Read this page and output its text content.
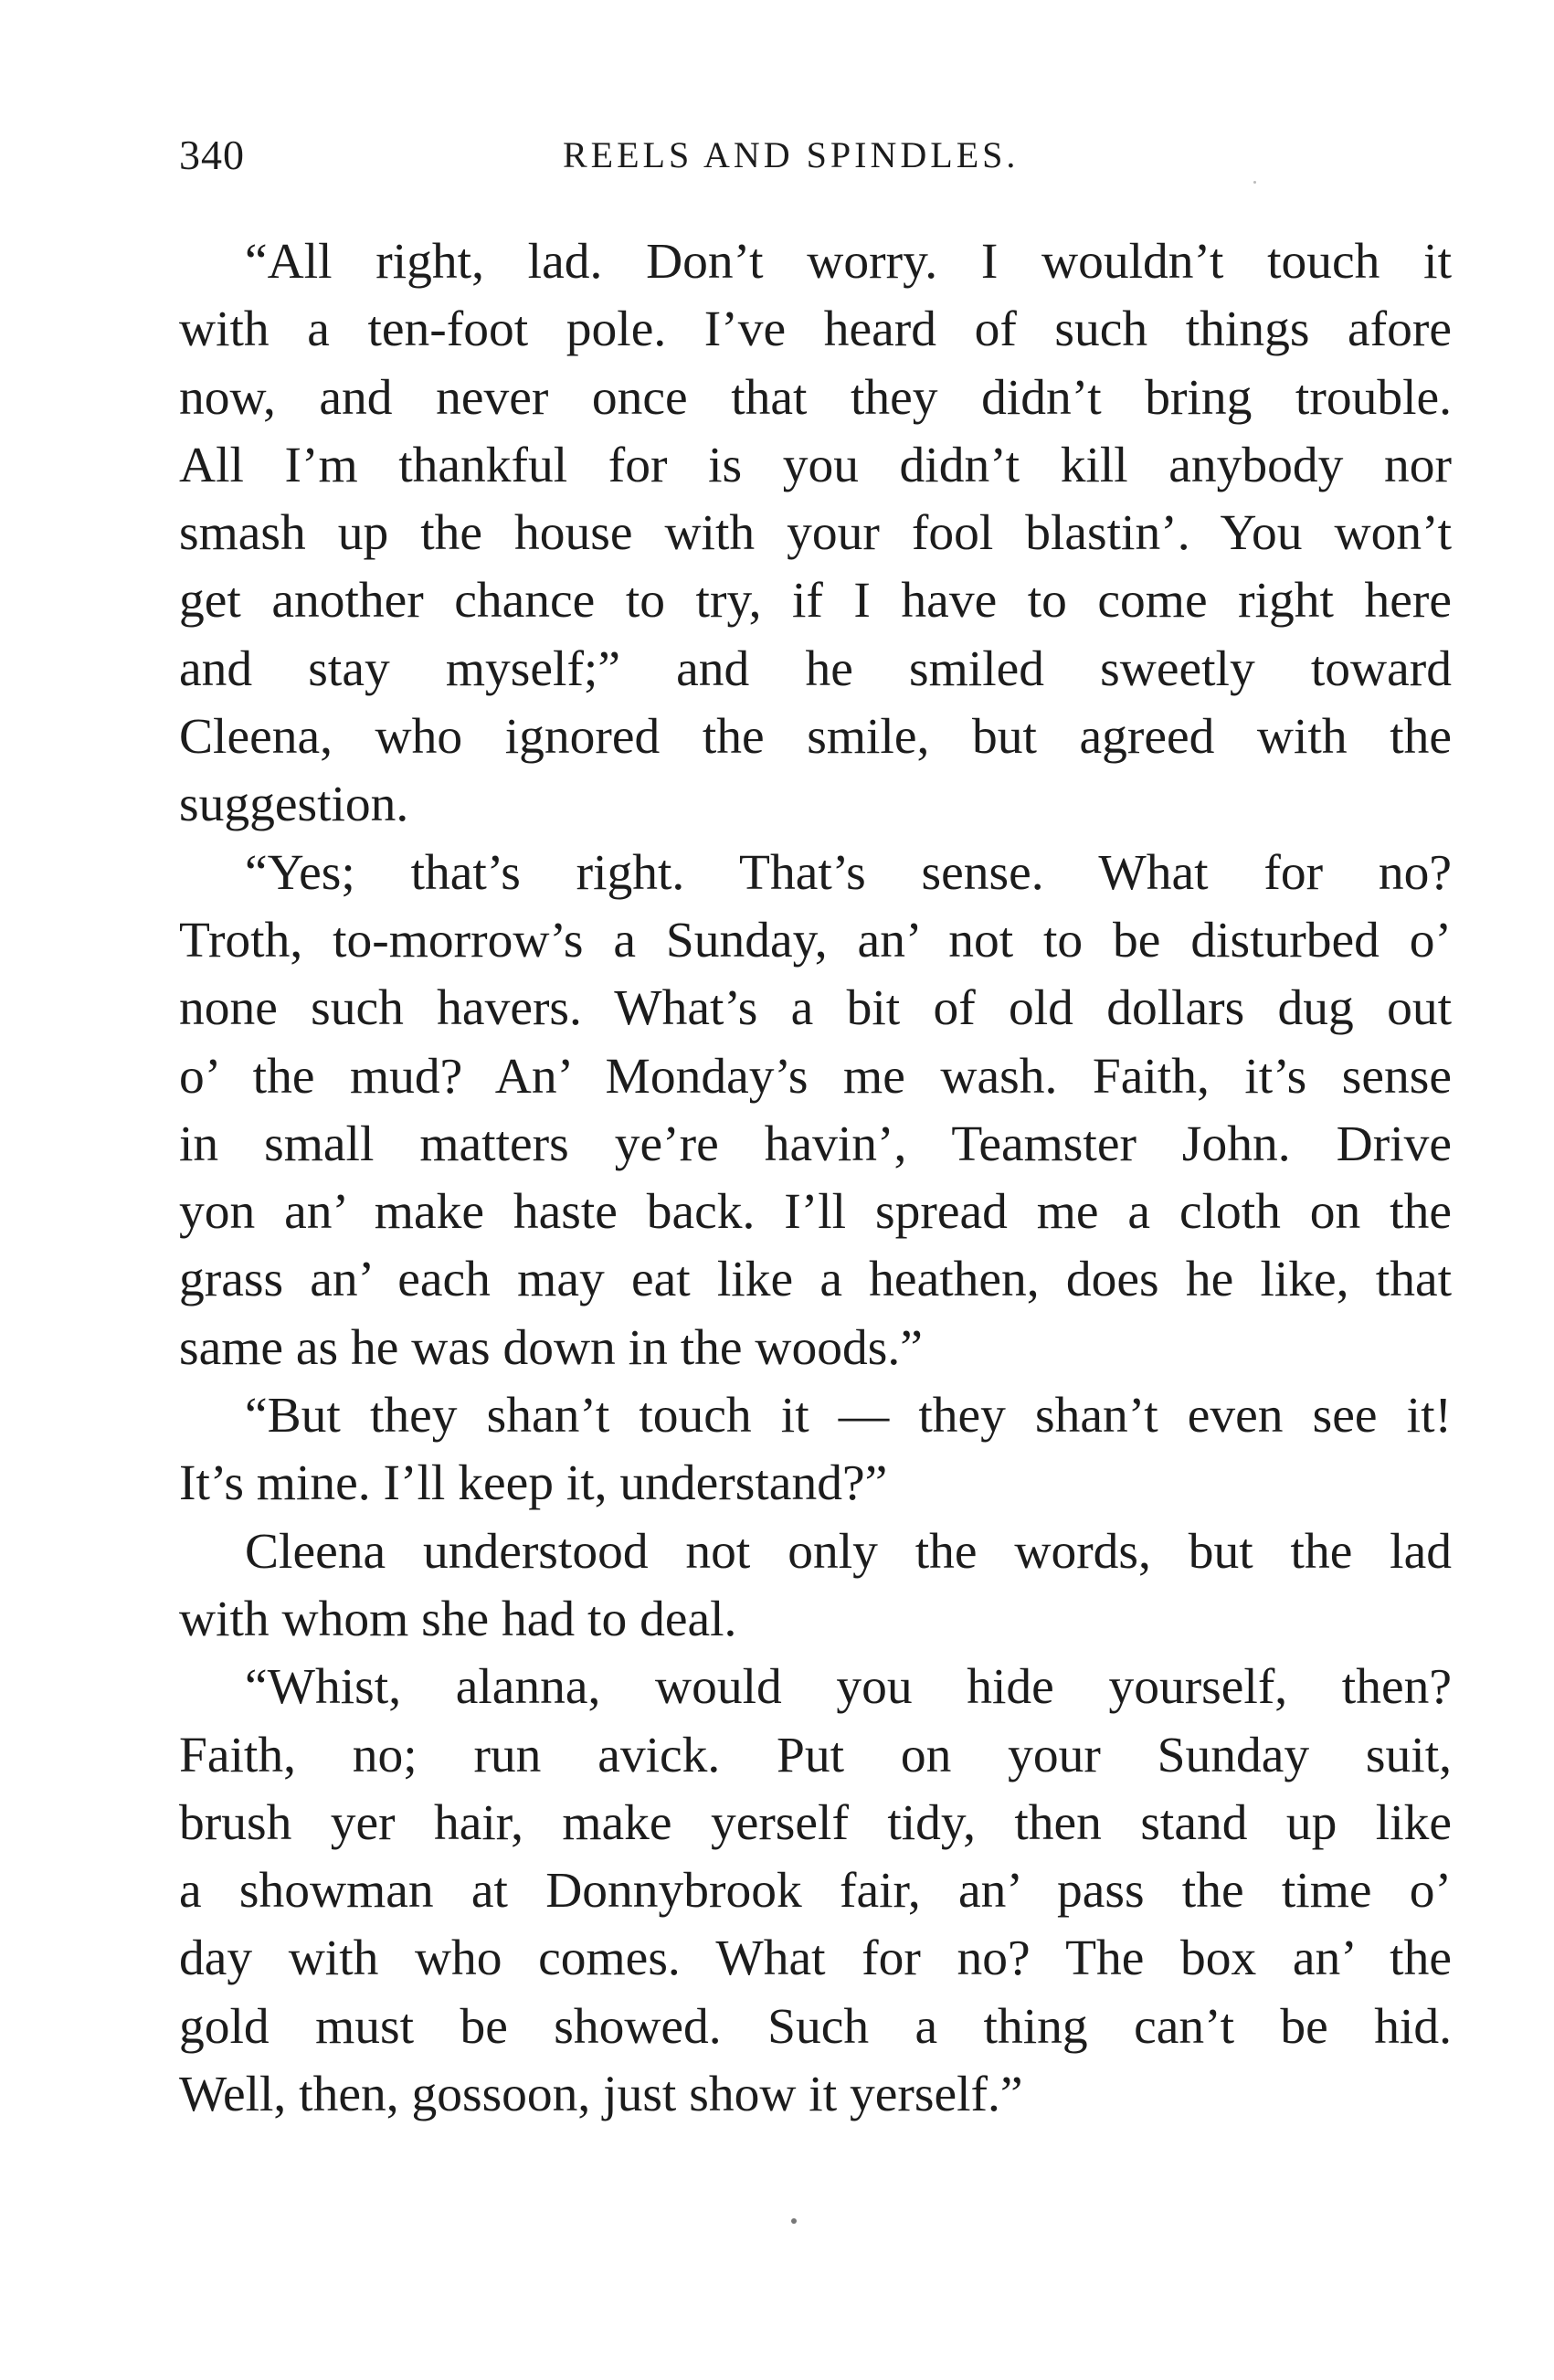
340	REELS AND SPINDLES.

“All right, lad. Don’t worry. I wouldn’t touch it
with a ten-foot pole. I’ve heard of such things afore
now, and never once that they didn’t bring trouble.
All I’m thankful for is you didn’t kill anybody nor
smash up the house with your fool blastin’. You won’t
get another chance to try, if I have to come right here
and stay myself;” and he smiled sweetly toward
Cleena, who ignored the smile, but agreed with the
suggestion.

“Yes; that’s right. That’s sense. What for no?
Troth, to-morrow’s a Sunday, an’ not to be disturbed o’
none such havers. What’s a bit of old dollars dug out
o’ the mud? An’ Monday’s me wash. Faith, it’s sense
in small matters ye’re havin’, Teamster John. Drive
yon an’ make haste back. I’ll spread me a cloth on the
grass an’ each may eat like a heathen, does he like, that
same as he was down in the woods.”

“But they shan’t touch it — they shan’t even see it!
It’s mine. I’ll keep it, understand?”

Cleena understood not only the words, but the lad
with whom she had to deal.

“Whist, alanna, would you hide yourself, then?
Faith, no; run avick. Put on your Sunday suit,
brush yer hair, make yerself tidy, then stand up like
a showman at Donnybrook fair, an’ pass the time o’
day with who comes. What for no? The box an’ the
gold must be showed. Such a thing can’t be hid.
Well, then, gossoon, just show it yerself.”
